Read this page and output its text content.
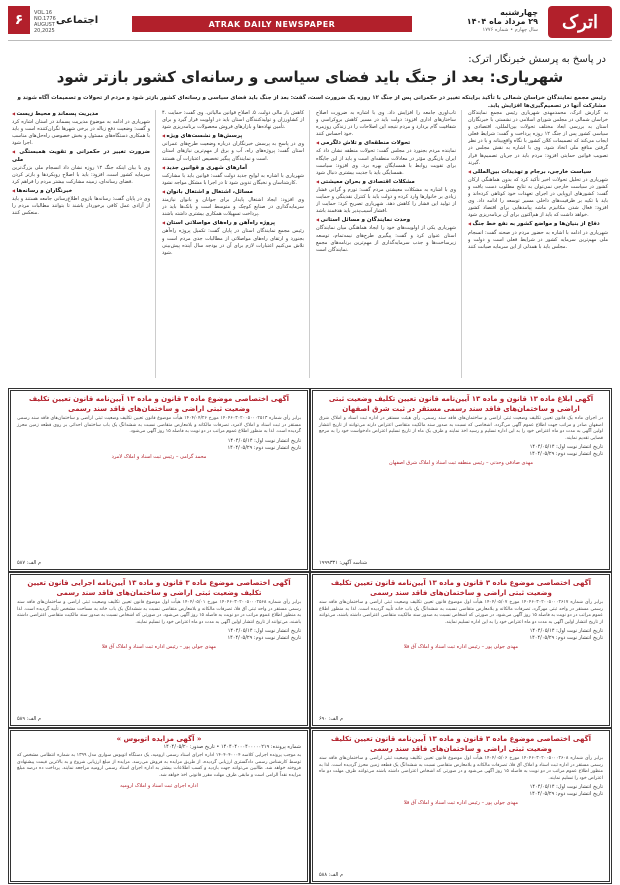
اترک
چهارشنبه
۲۹ مرداد ماه ۱۴۰۴
سال چهارم • شماره ۱۷۷۶
ATRAK DAILY NEWSPAPER
اجتماعی
۶	VOL.16 NO.1776
AUGUST 20,2025
در پاسخ به پرسش خبرنگار اترک:
شهریاری: بعد از جنگ باید فضای سیاسی و رسانه‌ای کشور بازتر شود
رئیس مجمع نمایندگان خراسان شمالی با تأکید براینکه تغییر در حکمرانی پس از جنگ ۱۲ روزه یک ضرورت است، گفت: بعد از جنگ باید فضای سیاسی و رسانه‌ای کشور بازتر شود و مردم از تحولات و تصمیمات آگاه شوند و مشارکت آنها در تصمیم‌گیری‌ها افزایش یابد.

به گزارش اترک، محمدمهدی شهریاری رئیس مجمع نمایندگان خراسان شمالی در مجلس شورای اسلامی در نشستی با خبرنگاران استان به بررسی ابعاد مختلف تحولات بین‌المللی، اقتصادی و سیاسی کشور پس از جنگ ۱۲ روزه پرداخت و گفت: شرایط فعلی ایجاب می‌کند که تصمیمات کلان کشور با نگاه واقع‌بینانه و با در نظر گرفتن منافع ملی اتخاذ شود. وی با اشاره به نقش مجلس در تصویب قوانین حمایتی افزود: مردم باید در جریان تصمیم‌ها قرار گیرند.

◀ سیاست خارجی، برجام و تهدیدات بین‌المللی

شهریاری در تحلیل تحولات اخیر تأکید کرد که بدون هماهنگی ارکان کشور در سیاست خارجی نمی‌توان به نتایج مطلوب دست یافت و گفت: کشورهای اروپایی در اجرای تعهدات خود کوتاهی کرده‌اند و باید با تکیه بر ظرفیت‌های داخلی مسیر توسعه را ادامه داد. وی افزود: فعال شدن مکانیزم ماشه پیامدهایی برای اقتصاد کشور خواهد داشت که باید از هم‌اکنون برای آن برنامه‌ریزی شود.

◀ دفاع از بنیان‌ها و مواضع کشور به نفع خط جنگ

شهریاری در ادامه با اشاره به حضور مردم در صحنه گفت: انسجام ملی مهم‌ترین سرمایه کشور در شرایط فعلی است و دولت و مجلس باید با همدلی از این سرمایه صیانت کنند.

تاب‌آوری جامعه را افزایش داد. وی با اشاره به ضرورت اصلاح ساختارهای اداری افزود: دولت باید در مسیر کاهش بروکراسی و شفافیت گام بردارد و مردم نتیجه این اصلاحات را در زندگی روزمره خود احساس کنند.

◀ تحولات منطقه‌ای و تلاش دلگرمی

نماینده مردم بجنورد در مجلس گفت: تحولات منطقه نشان داد که ایران بازیگری مؤثر در معادلات منطقه‌ای است و باید از این جایگاه برای تقویت روابط با همسایگان بهره برد. وی افزود: سیاست همسایگی باید با جدیت بیشتری دنبال شود.

◀ مشکلات اقتصادی و بحران معیشتی

وی با اشاره به مشکلات معیشتی مردم گفت: تورم و گرانی فشار زیادی بر خانوارها وارد کرده و دولت باید با کنترل نقدینگی و حمایت از تولید این فشار را کاهش دهد. شهریاری تصریح کرد: حمایت از اقشار آسیب‌پذیر باید هدفمند باشد.

◀ وحدت نمایندگان و مسائل استانی

شهریاری یکی از اولویت‌های خود را ایجاد هماهنگی میان نمایندگان استان عنوان کرد و گفت: پیگیری طرح‌های نیمه‌تمام، توسعه زیرساخت‌ها و جذب سرمایه‌گذاری از مهم‌ترین برنامه‌های مجمع نمایندگان است.

۴. کاهش بار مالی دولت. ۵. اصلاح قوانین مالیاتی. وی گفت: حمایت از کشاورزان و تولیدکنندگان استان باید در اولویت قرار گیرد و برای تأمین نهاده‌ها و بازارهای فروش محصولات برنامه‌ریزی شود.

◀ پرسش‌ها و نشست‌های ویژه

وی در پاسخ به پرسش خبرنگاران درباره وضعیت طرح‌های عمرانی استان گفت: پروژه‌های راه، آب و برق از مهم‌ترین نیازهای استان است و نمایندگان پیگیر تخصیص اعتبارات آن هستند.

◀ آمارهای شهری و قوانین جدید

شهریاری با اشاره به لوایح جدید دولت گفت: قوانین باید با مشارکت کارشناسان و نخبگان تدوین شود تا در اجرا با مشکل مواجه نشود.

◀ مسائل، اشتغال و اشتغال بانوان

وی افزود: ایجاد اشتغال پایدار برای جوانان و بانوان نیازمند سرمایه‌گذاری در صنایع کوچک و متوسط است و بانک‌ها باید در پرداخت تسهیلات همکاری بیشتری داشته باشند.

◀ پروژه راه‌آهن و راه‌های مواصلاتی استان

رئیس مجمع نمایندگان استان در پایان گفت: تکمیل پروژه راه‌آهن بجنورد و ارتقای راه‌های مواصلاتی از مطالبات جدی مردم است و تلاش می‌کنیم اعتبارات لازم برای آن در بودجه سال آینده پیش‌بینی شود.

◀ مدیریت پسماند و محیط زیست

شهریاری در ادامه به موضوع مدیریت پسماند در استان اشاره کرد و گفت: وضعیت دفع زباله در برخی شهرها نگران‌کننده است و باید با همکاری دستگاه‌های مسئول و بخش خصوصی راه‌حل‌های مناسب اجرا شود.

◀ ضرورت تغییر در حکمرانی و تقویت همبستگی ملی

وی با بیان اینکه جنگ ۱۲ روزه نشان داد انسجام ملی بزرگ‌ترین سرمایه کشور است، افزود: باید با اصلاح رویکردها و بازتر کردن فضای رسانه‌ای، زمینه مشارکت بیشتر مردم را فراهم کرد.

◀ خبرنگاران و رسانه‌ها

وی در پایان گفت: رسانه‌ها بازوی اطلاع‌رسانی جامعه هستند و باید از آزادی عمل کافی برخوردار باشند تا بتوانند مطالبات مردم را منعکس کنند.

آگهی ابلاغ ماده ۱۳ قانون و ماده ۱۳ آیین‌نامه قانون تعیین تکلیف وضعیت ثبتی اراضی و ساختمان‌های فاقد سند رسمی مستقر در ثبت شرق اصفهان
در اجرای ماده یک قانون تعیین تکلیف وضعیت ثبتی اراضی و ساختمان‌های فاقد سند رسمی، رأی هیئت مستقر در اداره ثبت اسناد و املاک شرق اصفهان صادر و مراتب جهت اطلاع عموم آگهی می‌گردد. اشخاصی که نسبت به صدور سند مالکیت متقاضی اعتراض دارند می‌توانند از تاریخ انتشار اولین آگهی به مدت دو ماه اعتراض خود را به این اداره تسلیم و رسید اخذ نمایند و ظرف یک ماه از تاریخ تسلیم اعتراض دادخواست خود را به مرجع قضایی تقدیم نمایند.
تاریخ انتشار نوبت اول: ۱۴۰۴/۰۵/۱۴
تاریخ انتشار نوبت دوم: ۱۴۰۴/۰۵/۲۹
مهدی صادقی وحدتی – رئیس منطقه ثبت اسناد و املاک شرق اصفهان
شناسه آگهی: ۱۹۹۹۳۳۱
آگهی اختصاصی موضوع ماده ۳ قانون و ماده ۱۳ آیین‌نامه قانون تعیین تکلیف وضعیت ثبتی اراضی و ساختمان‌های فاقد سند رسمی
برابر رأی شماره ۱۴۰۴۶۰۳۰۲۰۰۵۰۰۰۲۶۱۷ مورخ ۱۴۰۴/۰۵/۰۷ هیأت اول موضوع قانون تعیین تکلیف وضعیت ثبتی اراضی و ساختمان‌های فاقد سند رسمی مستقر در واحد ثبتی مهرگرد، تصرفات مالکانه و بلامعارض متقاضی نسبت به ششدانگ یک باب خانه تأیید گردیده است. لذا به منظور اطلاع عموم مراتب در دو نوبت به فاصله ۱۵ روز آگهی می‌شود. در صورتی که اشخاص نسبت به صدور سند مالکیت متقاضی اعتراضی داشته باشند، می‌توانند از تاریخ انتشار اولین آگهی به مدت دو ماه اعتراض خود را به این اداره تسلیم نمایند.
تاریخ انتشار نوبت اول: ۱۴۰۴/۰۵/۱۴
تاریخ انتشار نوبت دوم: ۱۴۰۴/۰۵/۲۹
مهدی جولی پور – رئیس اداره ثبت اسناد و املاک آق قلا
م الف: ۶۹۰
آگهی اختصاصی موضوع ماده ۳ قانون و ماده ۱۳ آیین‌نامه قانون تعیین تکلیف وضعیت ثبتی اراضی و ساختمان‌های فاقد سند رسمی
برابر رأی شماره ۱۴۰۴۶۰۳۰۲۰۰۵۰۰۰۲۶۰۸ مورخ ۱۴۰۴/۰۵/۰۶ هیأت اول موضوع قانون تعیین تکلیف وضعیت ثبتی اراضی و ساختمان‌های فاقد سند رسمی مستقر در اداره ثبت اسناد و املاک آق قلا، تصرفات مالکانه و بلامعارض متقاضی نسبت به ششدانگ یک قطعه زمین محرز گردیده است. لذا به منظور اطلاع عموم مراتب در دو نوبت به فاصله ۱۵ روز آگهی می‌شود و در صورتی که اشخاص اعتراضی داشته باشند می‌توانند ظرف مهلت دو ماه اعتراض خود را تسلیم نمایند.
تاریخ انتشار نوبت اول: ۱۴۰۴/۰۵/۱۴
تاریخ انتشار نوبت دوم: ۱۴۰۴/۰۵/۲۹
مهدی جولی پور – رئیس اداره ثبت اسناد و املاک آق قلا
م الف: ۵۸۸
آگهی اختصاصی موضوع ماده ۳ قانون و ماده ۱۳ آیین‌نامه قانون تعیین تکلیف وضعیت ثبتی اراضی و ساختمان‌های فاقد سند رسمی
برابر رأی شماره ۱۴۰۴۶۰۳۰۲۰۰۵۰۰۰۲۵۱۳ مورخ ۱۴۰۴/۰۴/۲۶ هیأت موضوع قانون تعیین تکلیف وضعیت ثبتی اراضی و ساختمان‌های فاقد سند رسمی مستقر در ثبت اسناد و املاک لامرد، تصرفات مالکانه و بلامعارض متقاضی نسبت به ششدانگ یک باب ساختمان احداثی بر روی قطعه زمین محرز گردیده است. لذا به منظور اطلاع عموم مراتب در دو نوبت به فاصله ۱۵ روز آگهی می‌شود.
تاریخ انتشار نوبت اول: ۱۴۰۴/۰۵/۱۴
تاریخ انتشار نوبت دوم: ۱۴۰۴/۰۵/۲۹
محمد گرامی – رئیس ثبت اسناد و املاک لامرد
م الف: ۵۸۷
آگهی اختصاصی موضوع ماده ۳ قانون و ماده ۱۳ آیین‌نامه اجرایی قانون تعیین تکلیف وضعیت ثبتی اراضی و ساختمان‌های فاقد سند رسمی
برابر رأی شماره ۱۴۰۴۶۰۳۰۲۰۰۵۰۰۰۲۵۶۸ مورخ ۱۴۰۴/۰۵/۰۱ هیأت اول موضوع قانون تعیین تکلیف وضعیت ثبتی اراضی و ساختمان‌های فاقد سند رسمی مستقر در واحد ثبتی آق قلا، تصرفات مالکانه و بلامعارض متقاضی نسبت به ششدانگ یک باب خانه به مساحت مشخص تأیید گردیده است. لذا به منظور اطلاع عموم مراتب در دو نوبت به فاصله ۱۵ روز آگهی می‌شود. در صورتی که اشخاص نسبت به صدور سند مالکیت متقاضی اعتراضی داشته باشند، می‌توانند از تاریخ انتشار اولین آگهی به مدت دو ماه اعتراض خود را تسلیم نمایند.
تاریخ انتشار نوبت اول: ۱۴۰۴/۰۵/۱۴
تاریخ انتشار نوبت دوم: ۱۴۰۴/۰۵/۲۹
مهدی جولی پور – رئیس اداره ثبت اسناد و املاک آق قلا
م الف: ۵۸۹
« آگهی مزایده اتوبوس »
شماره پرونده: ۱۴۰۴۰۴۰۰۰۴۰۰۰۰۰۲۱۹ • تاریخ صدور: ۱۴۰۴/۰۵/۲۰
به موجب پرونده اجرایی کلاسه ۱۴۰۴۰۴۰۰۰۴ اداره اجرای اسناد رسمی ارومیه، یک دستگاه اتوبوس سواری مدل ۱۳۹۹ به شماره انتظامی مشخص که توسط کارشناس رسمی دادگستری ارزیابی گردیده، از طریق مزایده به فروش می‌رسد. مزایده از مبلغ ارزیابی شروع و به بالاترین قیمت پیشنهادی فروخته خواهد شد. طالبین می‌توانند جهت بازدید و کسب اطلاعات بیشتر به اداره اجرای اسناد رسمی ارومیه مراجعه نمایند. پرداخت ده درصد مبلغ مزایده نقداً الزامی است و مابقی ظرف مهلت مقرر قانونی اخذ خواهد شد.
اداره اجرای ثبت اسناد و املاک ارومیه
